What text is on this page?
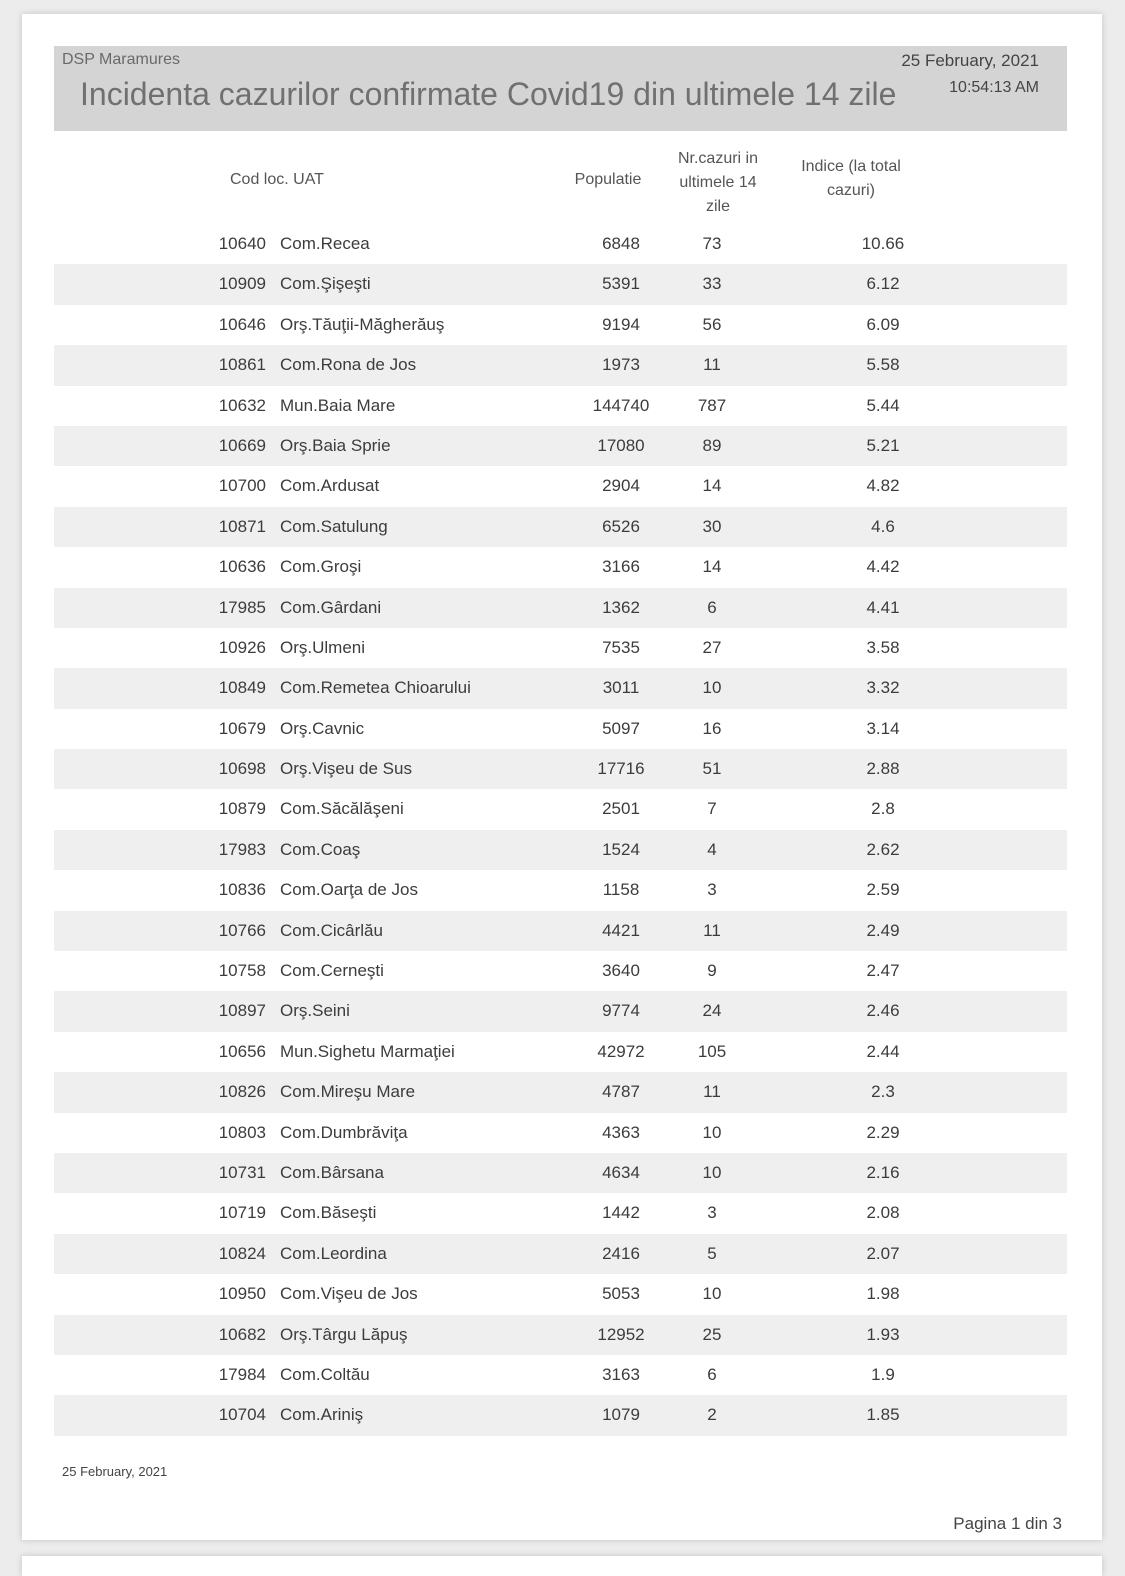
DSP Maramures
Incidenta cazurilor confirmate Covid19 din ultimele 14 zile
25 February, 2021
10:54:13 AM
Cod loc. UAT	Populatie
Nr.cazuri in
ultimele 14
zile
Indice (la total
cazuri)
10640 Com.Recea	6848	73	10.66
10909 Com.Şişeşti	5391	33	6.12
10646 Orş.Tăuţii-Măgherăuş	9194	56	6.09
10861 Com.Rona de Jos	1973	11	5.58
10632 Mun.Baia Mare	144740	787	5.44
10669 Orş.Baia Sprie	17080	89	5.21
10700 Com.Ardusat	2904	14	4.82
10871 Com.Satulung	6526	30	4.6
10636 Com.Groşi	3166	14	4.42
17985 Com.Gârdani	1362	6	4.41
10926 Orş.Ulmeni	7535	27	3.58
10849 Com.Remetea Chioarului	3011	10	3.32
10679 Orş.Cavnic	5097	16	3.14
10698 Orş.Vişeu de Sus	17716	51	2.88
10879 Com.Săcălăşeni	2501	7	2.8
17983 Com.Coaş	1524	4	2.62
10836 Com.Oarţa de Jos	1158	3	2.59
10766 Com.Cicârlău	4421	11	2.49
10758 Com.Cerneşti	3640	9	2.47
10897 Orş.Seini	9774	24	2.46
10656 Mun.Sighetu Marmaţiei	42972	105	2.44
10826 Com.Mireşu Mare	4787	11	2.3
10803 Com.Dumbrăviţa	4363	10	2.29
10731 Com.Bârsana	4634	10	2.16
10719 Com.Băseşti	1442	3	2.08
10824 Com.Leordina	2416	5	2.07
10950 Com.Vişeu de Jos	5053	10	1.98
10682 Orş.Târgu Lăpuş	12952	25	1.93
17984 Com.Coltău	3163	6	1.9
10704 Com.Ariniş	1079	2	1.85
25 February, 2021
Pagina 1 din 3
